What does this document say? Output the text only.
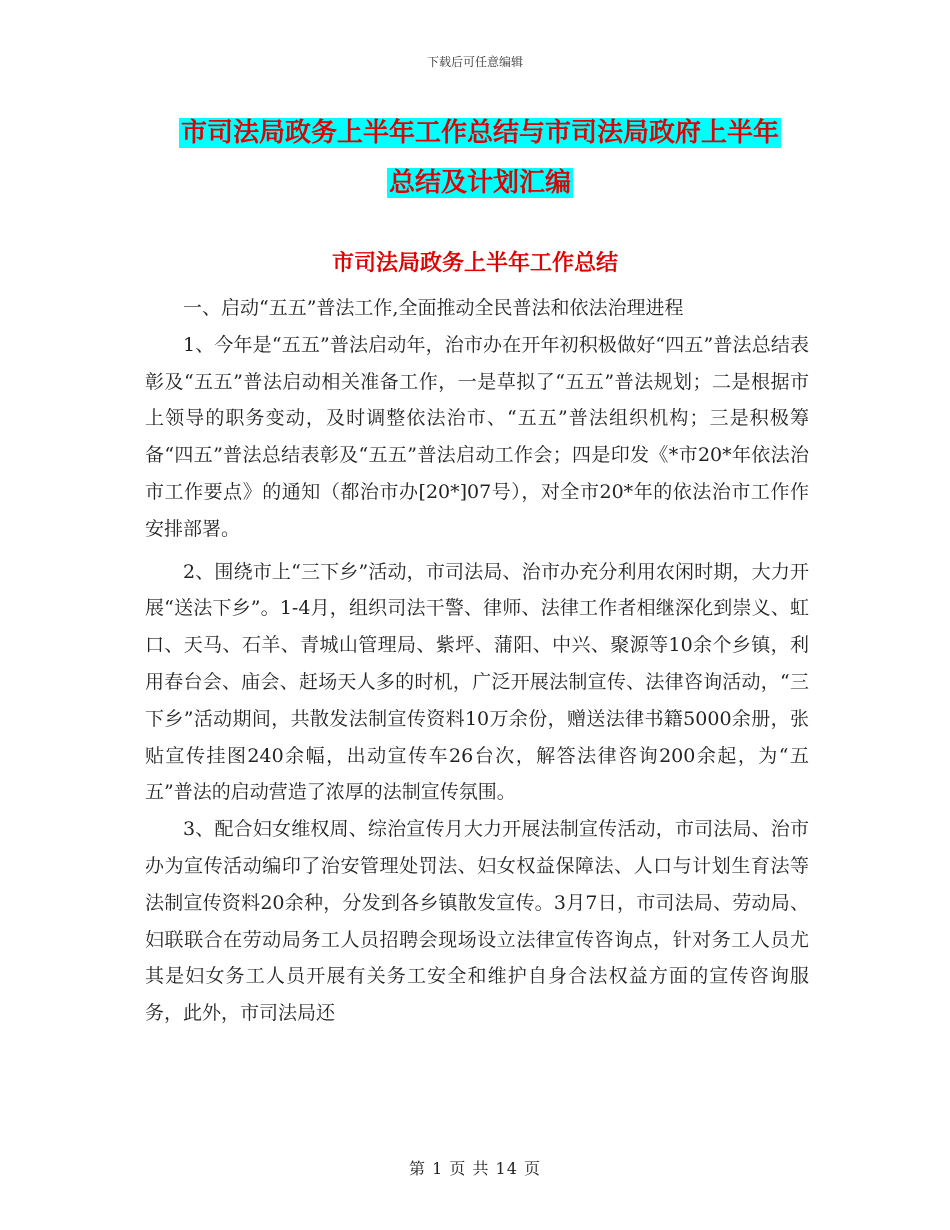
下载后可任意编辑
市司法局政务上半年工作总结与市司法局政府上半年
总结及计划汇编
市司法局政务上半年工作总结

一、启动“五五”普法工作,全面推动全民普法和依法治理进程

1、今年是“五五”普法启动年，治市办在开年初积极做好“四五”普法总结表彰及“五五”普法启动相关准备工作，一是草拟了“五五”普法规划；二是根据市上领导的职务变动，及时调整依法治市、“五五”普法组织机构；三是积极筹备“四五”普法总结表彰及“五五”普法启动工作会；四是印发《*市20*年依法治市工作要点》的通知（都治市办[20*]07号），对全市20*年的依法治市工作作安排部署。

2、围绕市上“三下乡”活动，市司法局、治市办充分利用农闲时期，大力开展“送法下乡”。1-4月，组织司法干警、律师、法律工作者相继深化到崇义、虹口、天马、石羊、青城山管理局、紫坪、蒲阳、中兴、聚源等10余个乡镇，利用春台会、庙会、赶场天人多的时机，广泛开展法制宣传、法律咨询活动，“三下乡”活动期间，共散发法制宣传资料10万余份，赠送法律书籍5000余册，张贴宣传挂图240余幅，出动宣传车26台次，解答法律咨询200余起，为“五五”普法的启动营造了浓厚的法制宣传氛围。

3、配合妇女维权周、综治宣传月大力开展法制宣传活动，市司法局、治市办为宣传活动编印了治安管理处罚法、妇女权益保障法、人口与计划生育法等法制宣传资料20余种，分发到各乡镇散发宣传。3月7日，市司法局、劳动局、妇联联合在劳动局务工人员招聘会现场设立法律宣传咨询点，针对务工人员尤其是妇女务工人员开展有关务工安全和维护自身合法权益方面的宣传咨询服务，此外，市司法局还

第 1 页 共 14 页
